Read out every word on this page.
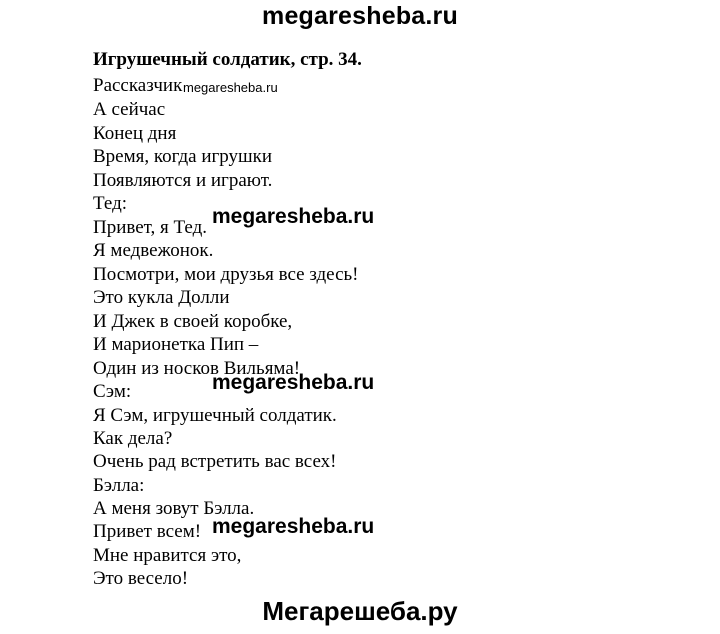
megaresheba.ru
Игрушечный солдатик, стр. 34.
Рассказчик megaresheba.ru
А сейчас
Конец дня
Время, когда игрушки
Появляются и играют.
Тед:
Привет, я Тед.
Я медвежонок.
Посмотри, мои друзья все здесь!
Это кукла Долли
И Джек в своей коробке,
И марионетка Пип –
Один из носков Вильяма!
Сэм:
Я Сэм, игрушечный солдатик.
Как дела?
Очень рад встретить вас всех!
Бэлла:
А меня зовут Бэлла.
Привет всем!
Мне нравится это,
Это весело!
megaresheba.ru
megaresheba.ru
megaresheba.ru
Мегарешеба.ру
